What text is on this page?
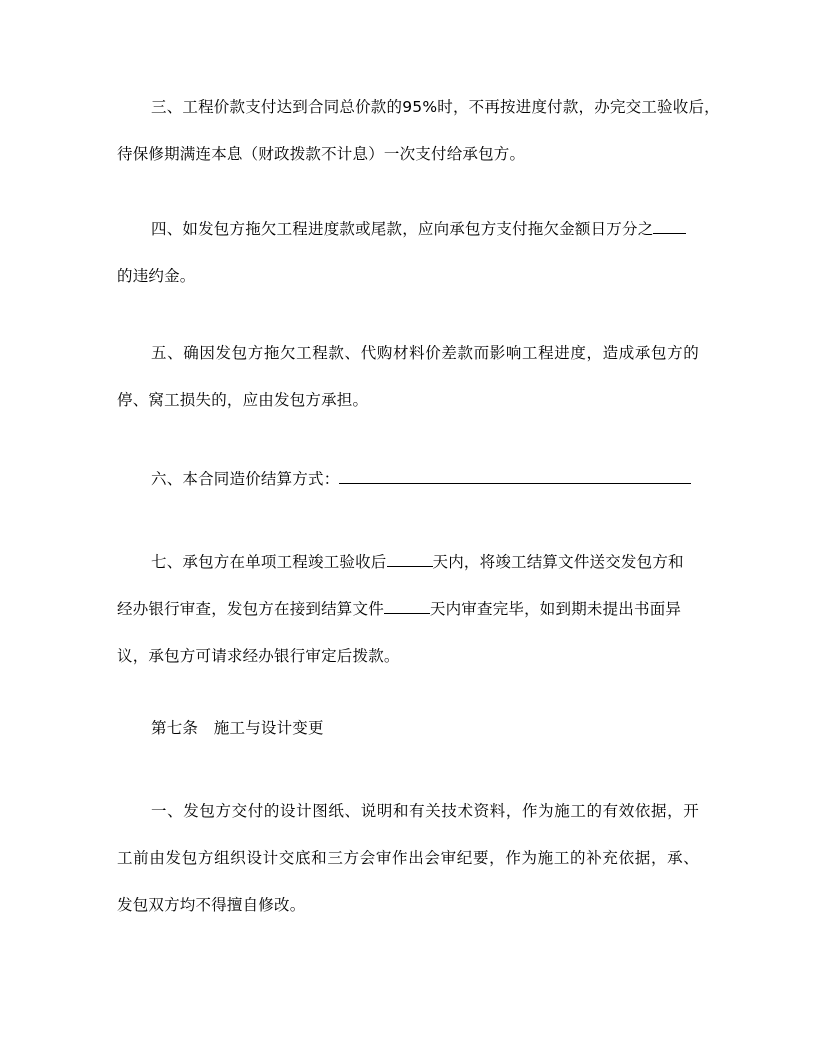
三、工程价款支付达到合同总价款的95%时，不再按进度付款，办完交工验收后，
待保修期满连本息（财政拨款不计息）一次支付给承包方。
四、如发包方拖欠工程进度款或尾款，应向承包方支付拖欠金额日万分之
的违约金。
五、确因发包方拖欠工程款、代购材料价差款而影响工程进度，造成承包方的
停、窝工损失的，应由发包方承担。
六、本合同造价结算方式：
七、承包方在单项工程竣工验收后	天内，将竣工结算文件送交发包方和
经办银行审查，发包方在接到结算文件	天内审查完毕，如到期未提出书面异
议，承包方可请求经办银行审定后拨款。
第七条　施工与设计变更
一、发包方交付的设计图纸、说明和有关技术资料，作为施工的有效依据，开
工前由发包方组织设计交底和三方会审作出会审纪要，作为施工的补充依据，承、
发包双方均不得擅自修改。
